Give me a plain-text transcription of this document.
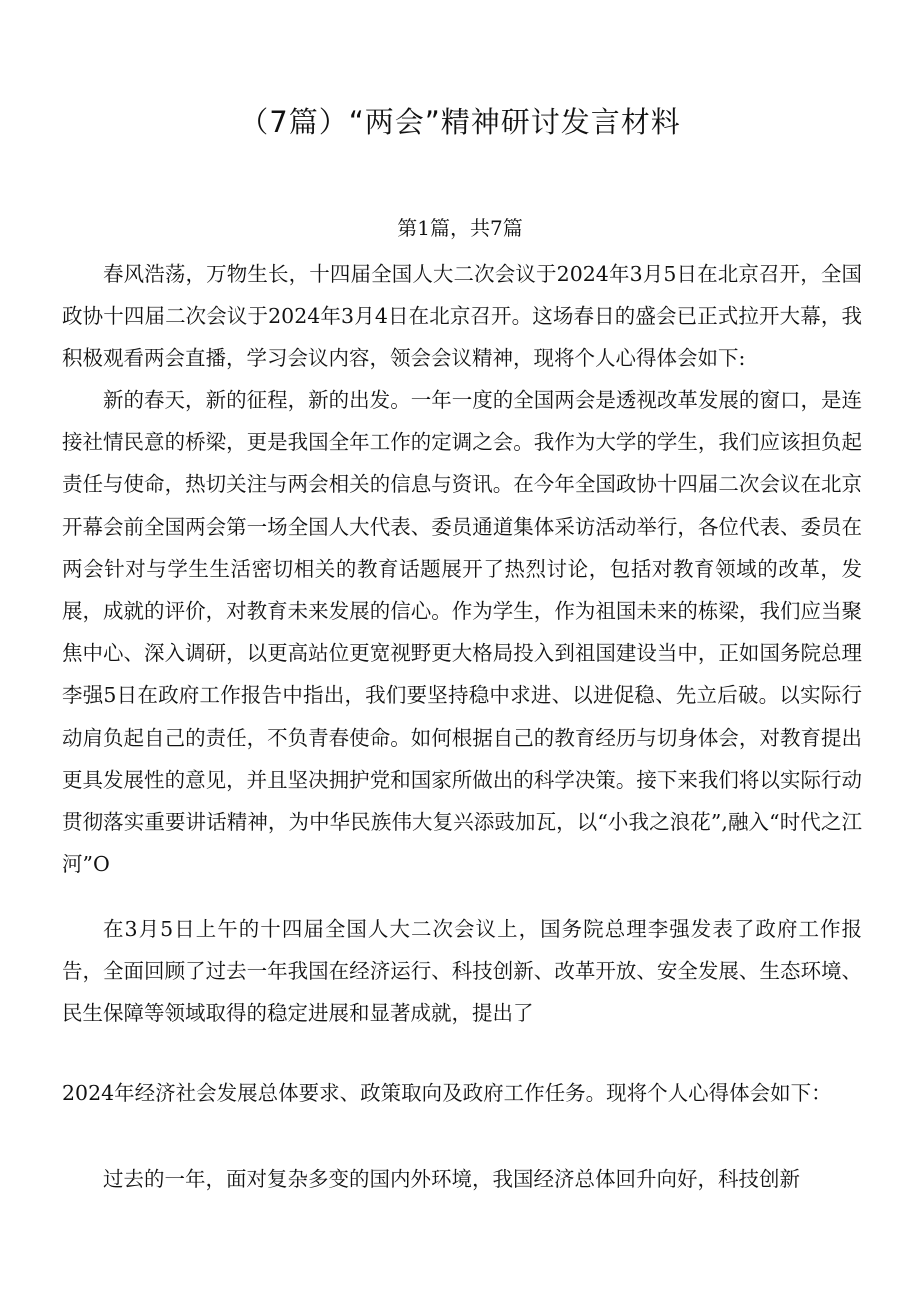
（7篇）“两会”精神研讨发言材料
第1篇，共7篇

春风浩荡，万物生长，十四届全国人大二次会议于2024年3月5日在北京召开，全国政协十四届二次会议于2024年3月4日在北京召开。这场春日的盛会已正式拉开大幕，我积极观看两会直播，学习会议内容，领会会议精神，现将个人心得体会如下:

新的春天，新的征程，新的出发。一年一度的全国两会是透视改革发展的窗口，是连接社情民意的桥梁，更是我国全年工作的定调之会。我作为大学的学生，我们应该担负起责任与使命，热切关注与两会相关的信息与资讯。在今年全国政协十四届二次会议在北京开幕会前全国两会第一场全国人大代表、委员通道集体采访活动举行，各位代表、委员在两会针对与学生生活密切相关的教育话题展开了热烈讨论，包括对教育领域的改革，发展，成就的评价，对教育未来发展的信心。作为学生，作为祖国未来的栋梁，我们应当聚焦中心、深入调研，以更高站位更宽视野更大格局投入到祖国建设当中，正如国务院总理李强5日在政府工作报告中指出，我们要坚持稳中求进、以进促稳、先立后破。以实际行动肩负起自己的责任，不负青春使命。如何根据自己的教育经历与切身体会，对教育提出更具发展性的意见，并且坚决拥护党和国家所做出的科学决策。接下来我们将以实际行动贯彻落实重要讲话精神，为中华民族伟大复兴添豉加瓦，以“小我之浪花”,融入“时代之江河”O

在3月5日上午的十四届全国人大二次会议上，国务院总理李强发表了政府工作报告，全面回顾了过去一年我国在经济运行、科技创新、改革开放、安全发展、生态环境、民生保障等领域取得的稳定进展和显著成就，提出了

2024年经济社会发展总体要求、政策取向及政府工作任务。现将个人心得体会如下：

过去的一年，面对复杂多变的国内外环境，我国经济总体回升向好，科技创新
